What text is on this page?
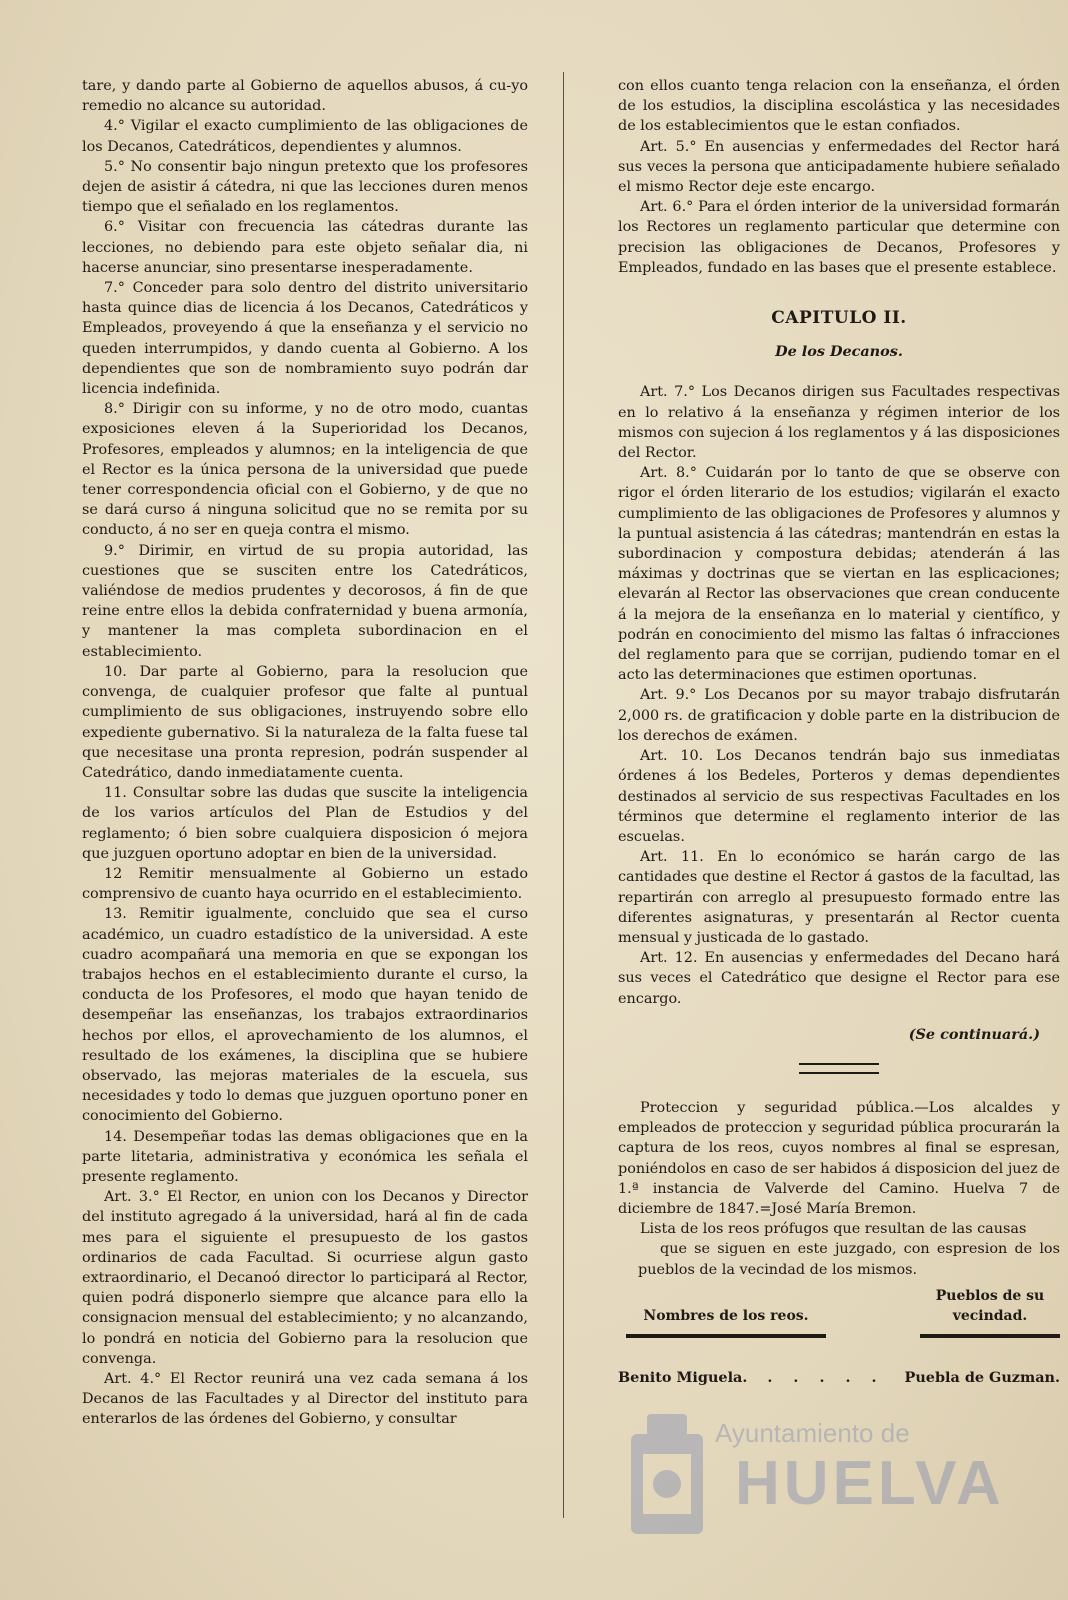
tare, y dando parte al Gobierno de aquellos abusos, á cu-yo remedio no alcance su autoridad.

4.° Vigilar el exacto cumplimiento de las obligaciones de los Decanos, Catedráticos, dependientes y alumnos.

5.° No consentir bajo ningun pretexto que los profesores dejen de asistir á cátedra, ni que las lecciones duren menos tiempo que el señalado en los reglamentos.

6.° Visitar con frecuencia las cátedras durante las lecciones, no debiendo para este objeto señalar dia, ni hacerse anunciar, sino presentarse inesperadamente.

7.° Conceder para solo dentro del distrito universitario hasta quince dias de licencia á los Decanos, Catedráticos y Empleados, proveyendo á que la enseñanza y el servicio no queden interrumpidos, y dando cuenta al Gobierno. A los dependientes que son de nombramiento suyo podrán dar licencia indefinida.

8.° Dirigir con su informe, y no de otro modo, cuantas exposiciones eleven á la Superioridad los Decanos, Profesores, empleados y alumnos; en la inteligencia de que el Rector es la única persona de la universidad que puede tener correspondencia oficial con el Gobierno, y de que no se dará curso á ninguna solicitud que no se remita por su conducto, á no ser en queja contra el mismo.

9.° Dirimir, en virtud de su propia autoridad, las cuestiones que se susciten entre los Catedráticos, valiéndose de medios prudentes y decorosos, á fin de que reine entre ellos la debida confraternidad y buena armonía, y mantener la mas completa subordinacion en el establecimiento.

10. Dar parte al Gobierno, para la resolucion que convenga, de cualquier profesor que falte al puntual cumplimiento de sus obligaciones, instruyendo sobre ello expediente gubernativo. Si la naturaleza de la falta fuese tal que necesitase una pronta represion, podrán suspender al Catedrático, dando inmediatamente cuenta.

11. Consultar sobre las dudas que suscite la inteligencia de los varios artículos del Plan de Estudios y del reglamento; ó bien sobre cualquiera disposicion ó mejora que juzguen oportuno adoptar en bien de la universidad.

12 Remitir mensualmente al Gobierno un estado comprensivo de cuanto haya ocurrido en el establecimiento.

13. Remitir igualmente, concluido que sea el curso académico, un cuadro estadístico de la universidad. A este cuadro acompañará una memoria en que se expongan los trabajos hechos en el establecimiento durante el curso, la conducta de los Profesores, el modo que hayan tenido de desempeñar las enseñanzas, los trabajos extraordinarios hechos por ellos, el aprovechamiento de los alumnos, el resultado de los exámenes, la disciplina que se hubiere observado, las mejoras materiales de la escuela, sus necesidades y todo lo demas que juzguen oportuno poner en conocimiento del Gobierno.

14. Desempeñar todas las demas obligaciones que en la parte litetaria, administrativa y económica les señala el presente reglamento.

Art. 3.° El Rector, en union con los Decanos y Director del instituto agregado á la universidad, hará al fin de cada mes para el siguiente el presupuesto de los gastos ordinarios de cada Facultad. Si ocurriese algun gasto extraordinario, el Decanoó director lo participará al Rector, quien podrá disponerlo siempre que alcance para ello la consignacion mensual del establecimiento; y no alcanzando, lo pondrá en noticia del Gobierno para la resolucion que convenga.

Art. 4.° El Rector reunirá una vez cada semana á los Decanos de las Facultades y al Director del instituto para enterarlos de las órdenes del Gobierno, y consultar

con ellos cuanto tenga relacion con la enseñanza, el órden de los estudios, la disciplina escolástica y las necesidades de los establecimientos que le estan confiados.

Art. 5.° En ausencias y enfermedades del Rector hará sus veces la persona que anticipadamente hubiere señalado el mismo Rector deje este encargo.

Art. 6.° Para el órden interior de la universidad formarán los Rectores un reglamento particular que determine con precision las obligaciones de Decanos, Profesores y Empleados, fundado en las bases que el presente establece.

CAPITULO II.
De los Decanos.

Art. 7.° Los Decanos dirigen sus Facultades respectivas en lo relativo á la enseñanza y régimen interior de los mismos con sujecion á los reglamentos y á las disposiciones del Rector.

Art. 8.° Cuidarán por lo tanto de que se observe con rigor el órden literario de los estudios; vigilarán el exacto cumplimiento de las obligaciones de Profesores y alumnos y la puntual asistencia á las cátedras; mantendrán en estas la subordinacion y compostura debidas; atenderán á las máximas y doctrinas que se viertan en las esplicaciones; elevarán al Rector las observaciones que crean conducente á la mejora de la enseñanza en lo material y científico, y podrán en conocimiento del mismo las faltas ó infracciones del reglamento para que se corrijan, pudiendo tomar en el acto las determinaciones que estimen oportunas.

Art. 9.° Los Decanos por su mayor trabajo disfrutarán 2,000 rs. de gratificacion y doble parte en la distribucion de los derechos de exámen.

Art. 10. Los Decanos tendrán bajo sus inmediatas órdenes á los Bedeles, Porteros y demas dependientes destinados al servicio de sus respectivas Facultades en los términos que determine el reglamento interior de las escuelas.

Art. 11. En lo económico se harán cargo de las cantidades que destine el Rector á gastos de la facultad, las repartirán con arreglo al presupuesto formado entre las diferentes asignaturas, y presentarán al Rector cuenta mensual y justicada de lo gastado.

Art. 12. En ausencias y enfermedades del Decano hará sus veces el Catedrático que designe el Rector para ese encargo.

(Se continuará.)

Proteccion y seguridad pública.—Los alcaldes y empleados de proteccion y seguridad pública procurarán la captura de los reos, cuyos nombres al final se espresan, poniéndolos en caso de ser habidos á disposicion del juez de 1.ª instancia de Valverde del Camino. Huelva 7 de diciembre de 1847.=José María Bremon.

Lista de los reos prófugos que resultan de las causas
que se siguen en este juzgado, con espresion de los pueblos de la vecindad de los mismos.

Nombres de los reos.
Pueblos de su vecindad.
Benito Miguela.	. . . . .	Puebla de Guzman.
Ayuntamiento de
HUELVA
